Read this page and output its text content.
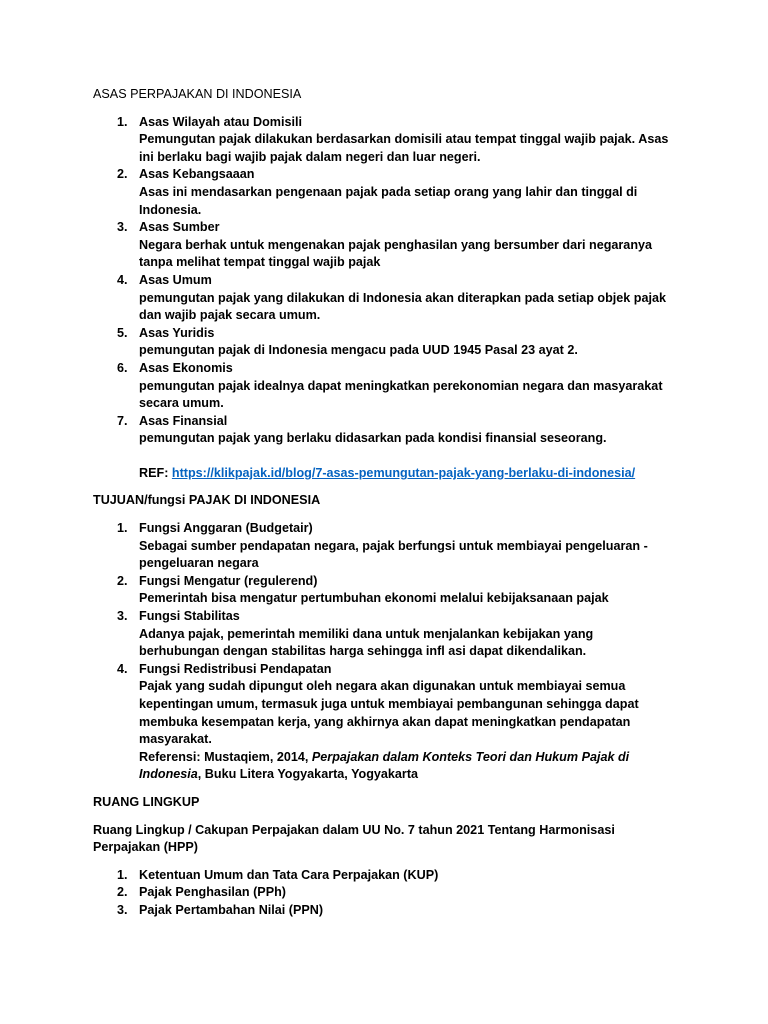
ASAS PERPAJAKAN DI INDONESIA

1. Asas Wilayah atau Domisili
Pemungutan pajak dilakukan berdasarkan domisili atau tempat tinggal wajib pajak. Asas ini berlaku bagi wajib pajak dalam negeri dan luar negeri.
2. Asas Kebangsaaan
Asas ini mendasarkan pengenaan pajak pada setiap orang yang lahir dan tinggal di Indonesia.
3. Asas Sumber
Negara berhak untuk mengenakan pajak penghasilan yang bersumber dari negaranya tanpa melihat tempat tinggal wajib pajak
4. Asas Umum
pemungutan pajak yang dilakukan di Indonesia akan diterapkan pada setiap objek pajak dan wajib pajak secara umum.
5. Asas Yuridis
pemungutan pajak di Indonesia mengacu pada UUD 1945 Pasal 23 ayat 2.
6. Asas Ekonomis
pemungutan pajak idealnya dapat meningkatkan perekonomian negara dan masyarakat secara umum.
7. Asas Finansial
pemungutan pajak yang berlaku didasarkan pada kondisi finansial seseorang.

REF: https://klikpajak.id/blog/7-asas-pemungutan-pajak-yang-berlaku-di-indonesia/

TUJUAN/fungsi PAJAK DI INDONESIA

1. Fungsi Anggaran (Budgetair)
Sebagai sumber pendapatan negara, pajak berfungsi untuk membiayai pengeluaran - pengeluaran negara
2. Fungsi Mengatur (regulerend)
Pemerintah bisa mengatur pertumbuhan ekonomi melalui kebijaksanaan pajak
3. Fungsi Stabilitas
Adanya pajak, pemerintah memiliki dana untuk menjalankan kebijakan yang berhubungan dengan stabilitas harga sehingga infl asi dapat dikendalikan.
4. Fungsi Redistribusi Pendapatan
Pajak yang sudah dipungut oleh negara akan digunakan untuk membiayai semua kepentingan umum, termasuk juga untuk membiayai pembangunan sehingga dapat membuka kesempatan kerja, yang akhirnya akan dapat meningkatkan pendapatan masyarakat.

Referensi: Mustaqiem, 2014, Perpajakan dalam Konteks Teori dan Hukum Pajak di Indonesia, Buku Litera Yogyakarta, Yogyakarta

RUANG LINGKUP

Ruang Lingkup / Cakupan Perpajakan dalam UU No. 7 tahun 2021 Tentang Harmonisasi Perpajakan (HPP)

1. Ketentuan Umum dan Tata Cara Perpajakan (KUP)
2. Pajak Penghasilan (PPh)
3. Pajak Pertambahan Nilai (PPN)
